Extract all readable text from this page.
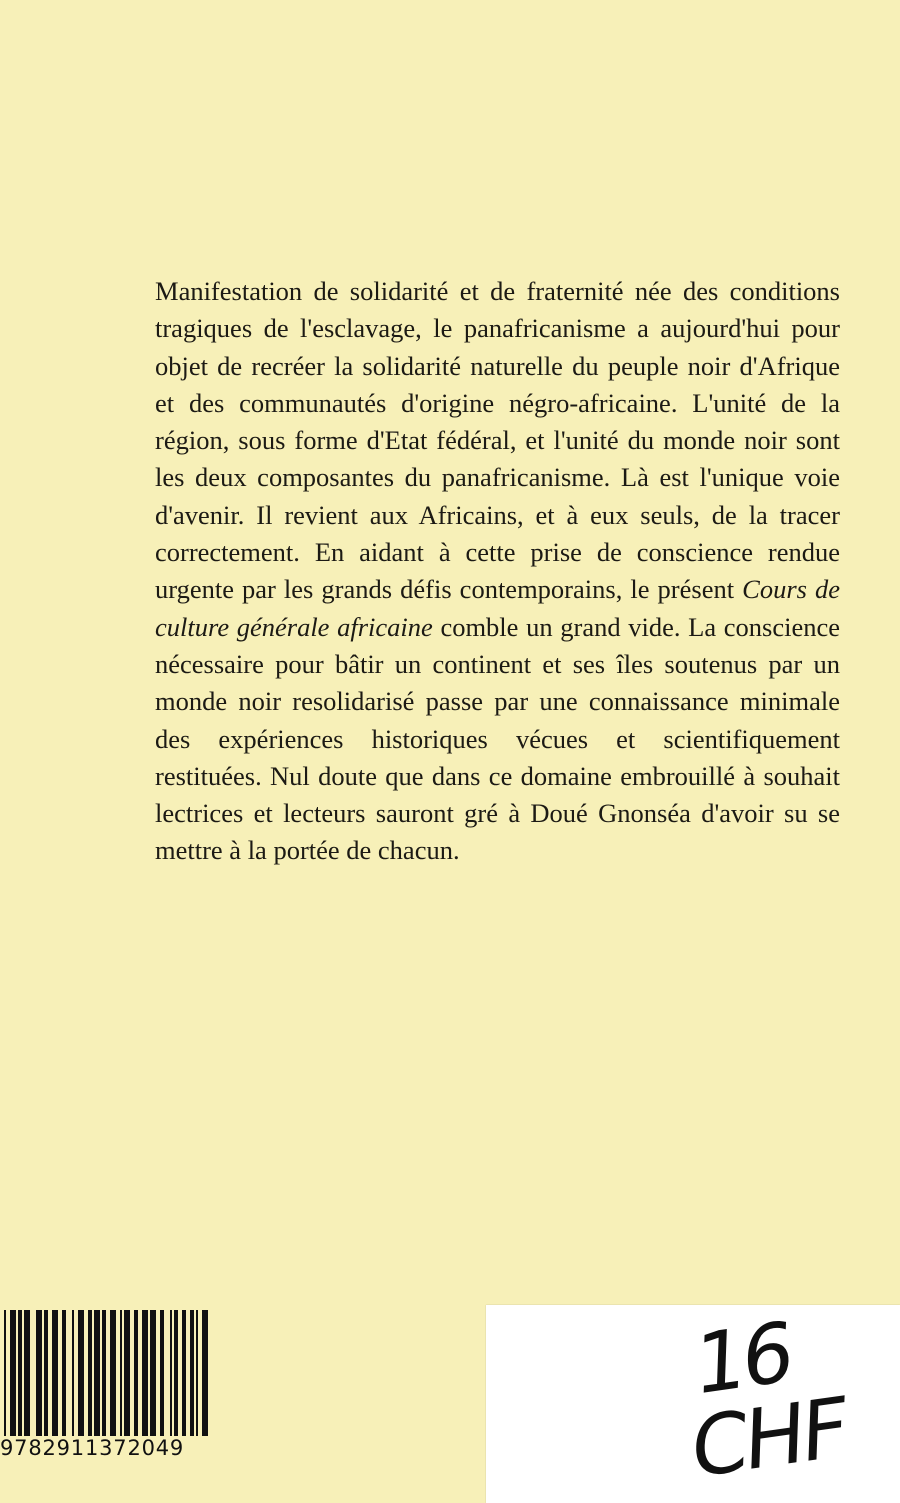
Manifestation de solidarité et de fraternité née des conditions tragiques de l'esclavage, le panafricanisme a aujourd'hui pour objet de recréer la solidarité naturelle du peuple noir d'Afrique et des communautés d'origine négro-africaine. L'unité de la région, sous forme d'Etat fédéral, et l'unité du monde noir sont les deux composantes du panafricanisme. Là est l'unique voie d'avenir. Il revient aux Africains, et à eux seuls, de la tracer correctement. En aidant à cette prise de conscience rendue urgente par les grands défis contemporains, le présent Cours de culture générale africaine comble un grand vide. La conscience nécessaire pour bâtir un continent et ses îles soutenus par un monde noir resolidarisé passe par une connaissance minimale des expériences historiques vécues et scientifiquement restituées. Nul doute que dans ce domaine embrouillé à souhait lectrices et lecteurs sauront gré à Doué Gnonséa d'avoir su se mettre à la portée de chacun.

9782911372049
16 CHF
